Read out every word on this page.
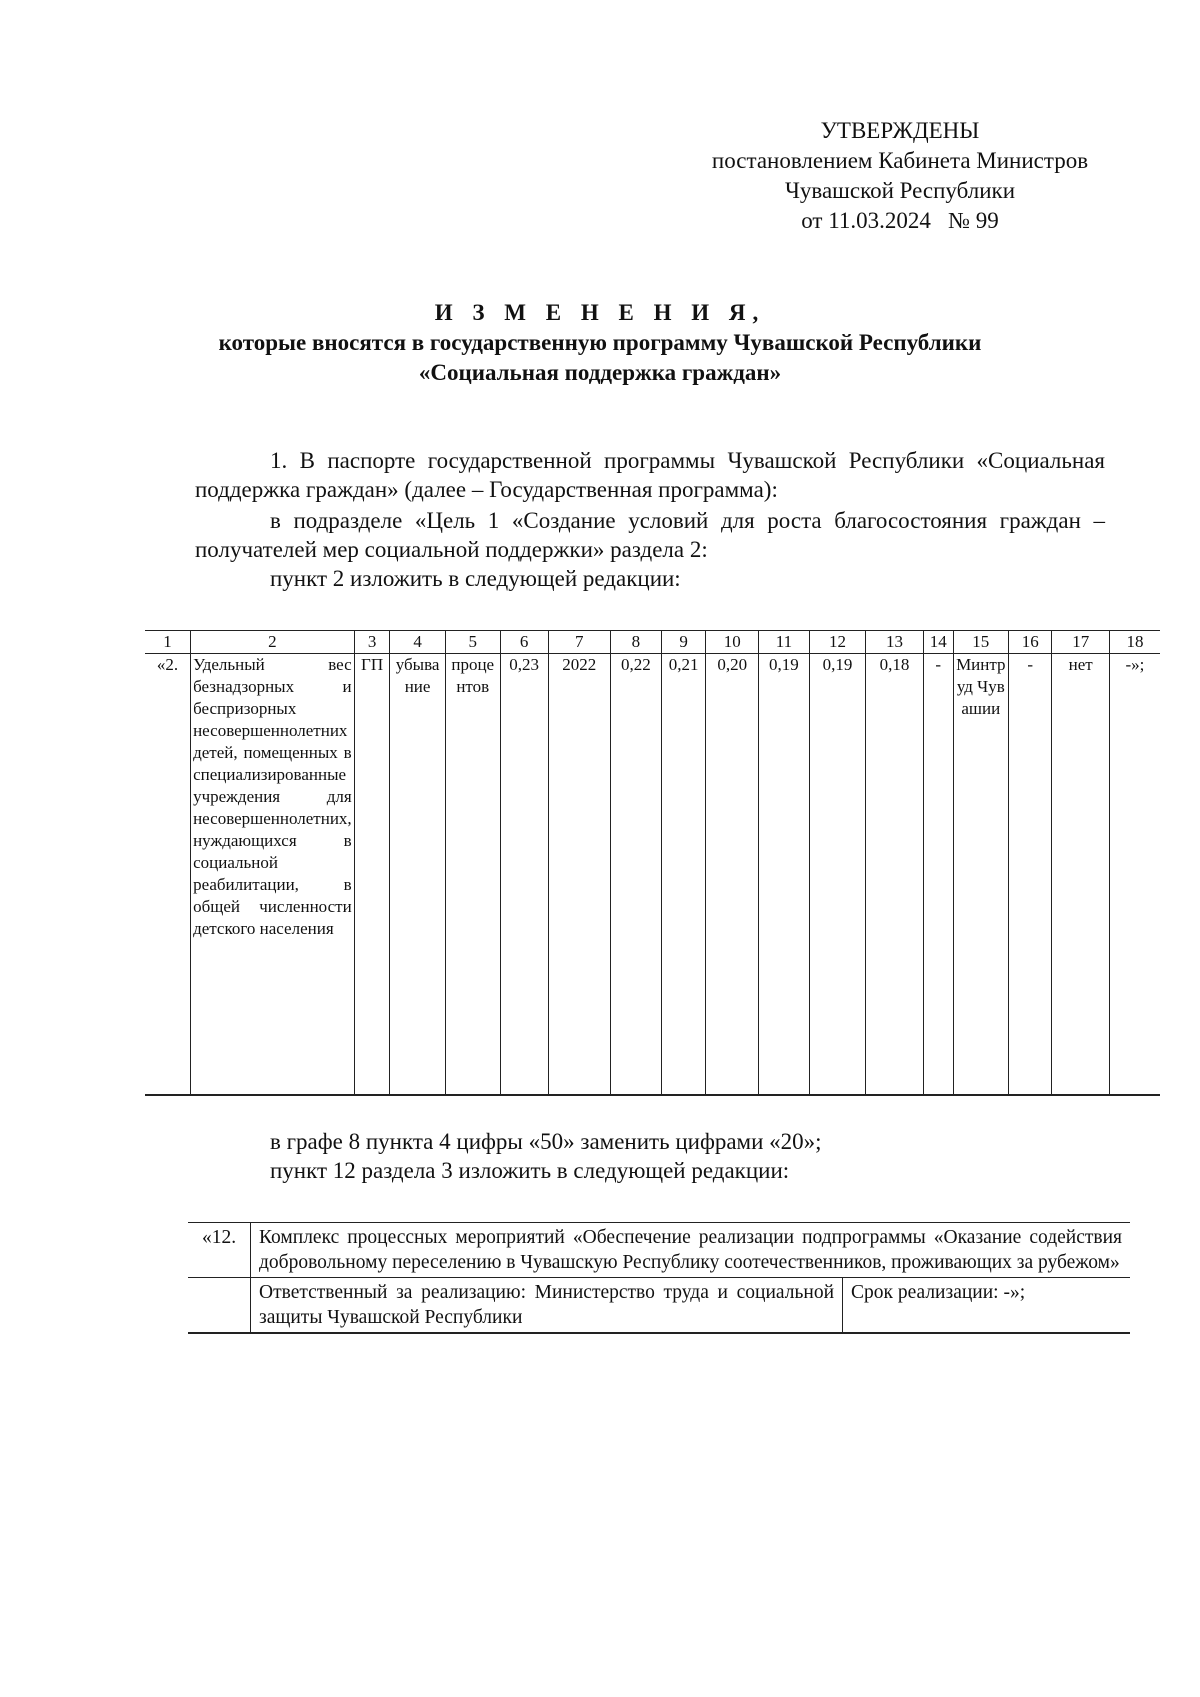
УТВЕРЖДЕНЫ
постановлением Кабинета Министров
Чувашской Республики
от 11.03.2024   № 99
И З М Е Н Е Н И Я,
которые вносятся в государственную программу Чувашской Республики
«Социальная поддержка граждан»
1. В паспорте государственной программы Чувашской Республики «Социальная поддержка граждан» (далее – Государственная программа):
в подразделе «Цель 1 «Создание условий для роста благосостояния граждан – получателей мер социальной поддержки» раздела 2:
пункт 2 изложить в следующей редакции:
1	2	3	4	5	6	7	8	9	10	11	12	13	14	15	16	17	18
«2.	Удельный вес безнадзорных и беспризорных несовершеннолетних детей, помещенных в специализированные учреждения для несовершеннолетних, нуждающихся в социальной реабилитации, в общей численности детского населения	ГП	убывание	процентов	0,23	2022	0,22	0,21	0,20	0,19	0,19	0,18	-	Минтруд Чувашии	-	нет	-»;
в графе 8 пункта 4 цифры «50» заменить цифрами «20»;
пункт 12 раздела 3 изложить в следующей редакции:
«12.	Комплекс процессных мероприятий «Обеспечение реализации подпрограммы «Оказание содействия добровольному переселению в Чувашскую Республику соотечественников, проживающих за рубежом»	
	Ответственный за реализацию: Министерство труда и социальной защиты Чувашской Республики	Срок реализации: -»;
